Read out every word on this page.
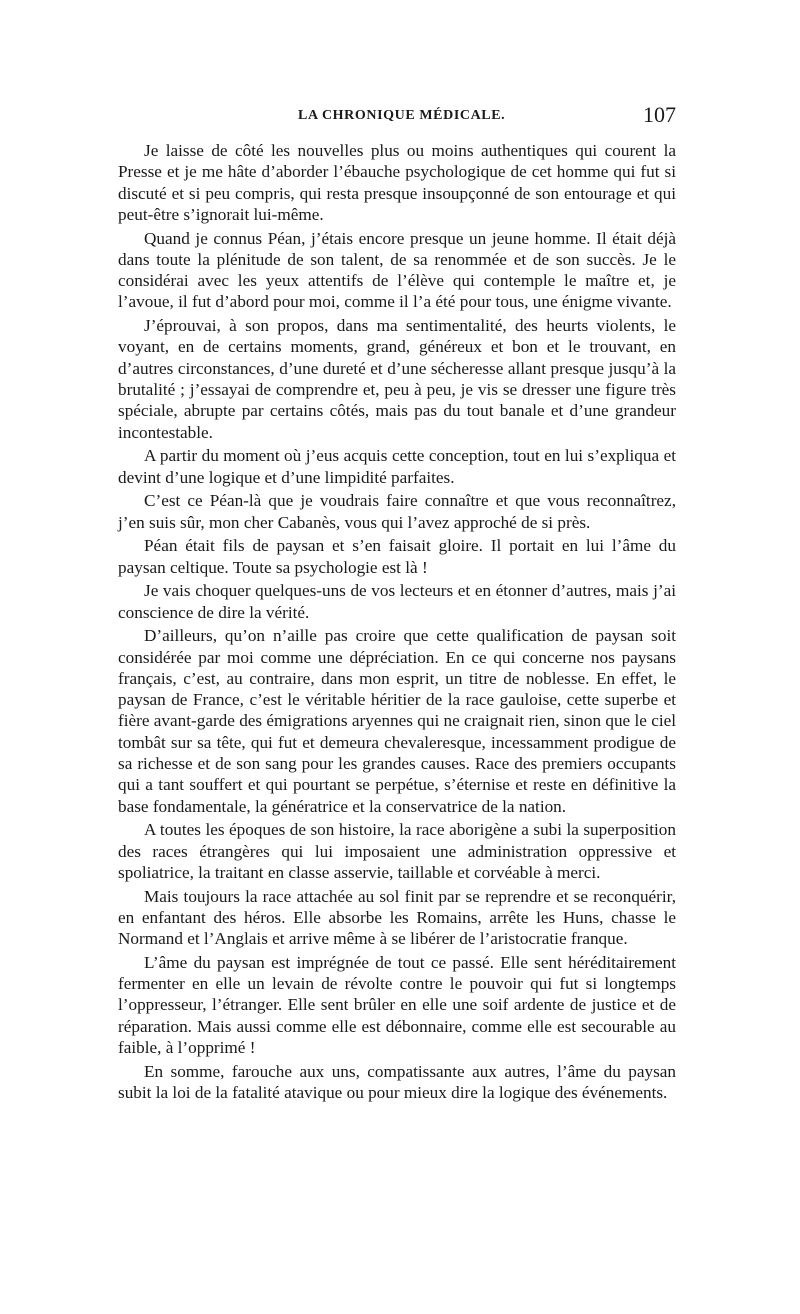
LA CHRONIQUE MÉDICALE.	107

Je laisse de côté les nouvelles plus ou moins authentiques qui courent la Presse et je me hâte d’aborder l’ébauche psychologique de cet homme qui fut si discuté et si peu compris, qui resta presque insoupçonné de son entourage et qui peut-être s’ignorait lui-même.

Quand je connus Péan, j’étais encore presque un jeune homme. Il était déjà dans toute la plénitude de son talent, de sa renommée et de son succès. Je le considérai avec les yeux attentifs de l’élève qui contemple le maître et, je l’avoue, il fut d’abord pour moi, comme il l’a été pour tous, une énigme vivante.

J’éprouvai, à son propos, dans ma sentimentalité, des heurts violents, le voyant, en de certains moments, grand, généreux et bon et le trouvant, en d’autres circonstances, d’une dureté et d’une sécheresse allant presque jusqu’à la brutalité ; j’essayai de comprendre et, peu à peu, je vis se dresser une figure très spéciale, abrupte par certains côtés, mais pas du tout banale et d’une grandeur incontestable.

A partir du moment où j’eus acquis cette conception, tout en lui s’expliqua et devint d’une logique et d’une limpidité parfaites.

C’est ce Péan-là que je voudrais faire connaître et que vous reconnaîtrez, j’en suis sûr, mon cher Cabanès, vous qui l’avez approché de si près.

Péan était fils de paysan et s’en faisait gloire. Il portait en lui l’âme du paysan celtique. Toute sa psychologie est là !

Je vais choquer quelques-uns de vos lecteurs et en étonner d’autres, mais j’ai conscience de dire la vérité.

D’ailleurs, qu’on n’aille pas croire que cette qualification de paysan soit considérée par moi comme une dépréciation. En ce qui concerne nos paysans français, c’est, au contraire, dans mon esprit, un titre de noblesse. En effet, le paysan de France, c’est le véritable héritier de la race gauloise, cette superbe et fière avant-garde des émigrations aryennes qui ne craignait rien, sinon que le ciel tombât sur sa tête, qui fut et demeura chevaleresque, incessamment prodigue de sa richesse et de son sang pour les grandes causes. Race des premiers occupants qui a tant souffert et qui pourtant se perpétue, s’éternise et reste en définitive la base fondamentale, la génératrice et la conservatrice de la nation.

A toutes les époques de son histoire, la race aborigène a subi la superposition des races étrangères qui lui imposaient une administration oppressive et spoliatrice, la traitant en classe asservie, taillable et corvéable à merci.

Mais toujours la race attachée au sol finit par se reprendre et se reconquérir, en enfantant des héros. Elle absorbe les Romains, arrête les Huns, chasse le Normand et l’Anglais et arrive même à se libérer de l’aristocratie franque.

L’âme du paysan est imprégnée de tout ce passé. Elle sent héréditairement fermenter en elle un levain de révolte contre le pouvoir qui fut si longtemps l’oppresseur, l’étranger. Elle sent brûler en elle une soif ardente de justice et de réparation. Mais aussi comme elle est débonnaire, comme elle est secourable au faible, à l’opprimé !

En somme, farouche aux uns, compatissante aux autres, l’âme du paysan subit la loi de la fatalité atavique ou pour mieux dire la logique des événements.
